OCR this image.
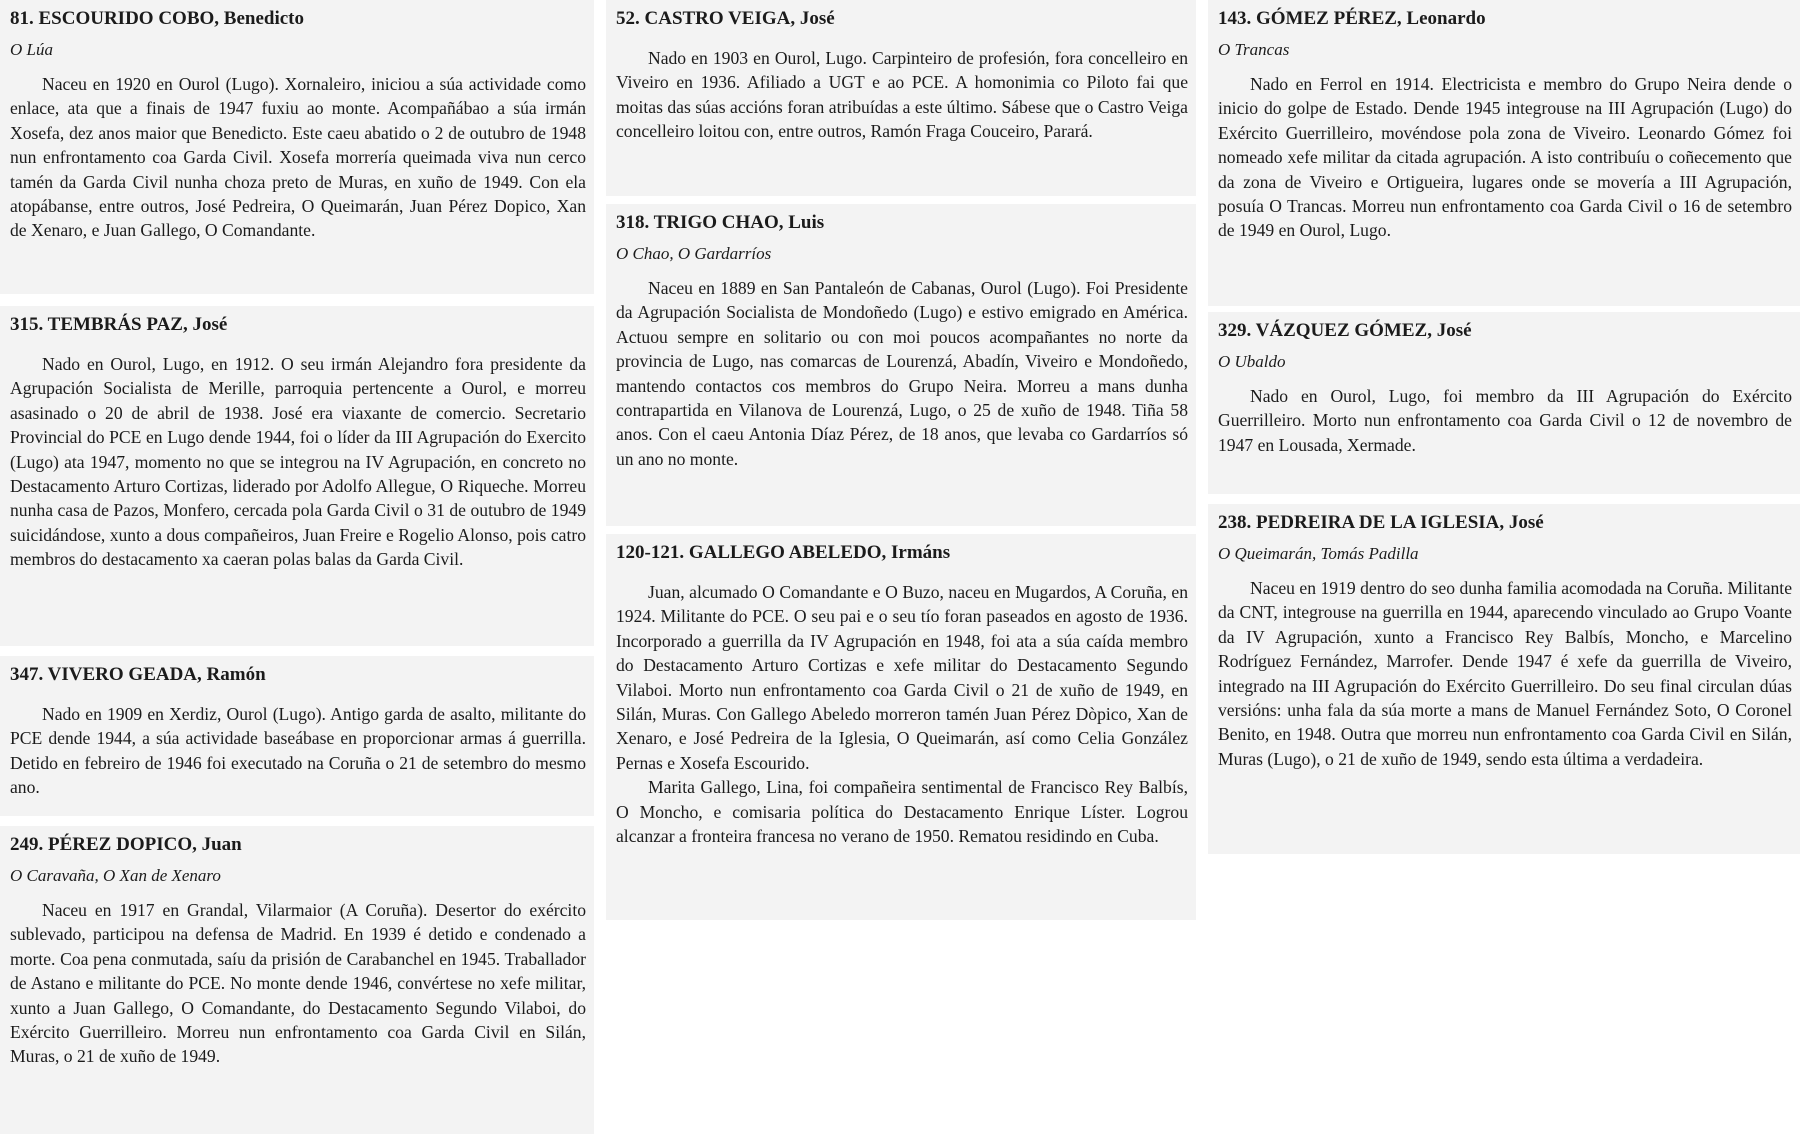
81. ESCOURIDO COBO, Benedicto
O Lúa

Naceu en 1920 en Ourol (Lugo). Xornaleiro, iniciou a súa actividade como enlace, ata que a finais de 1947 fuxiu ao monte. Acompañábao a súa irmán Xosefa, dez anos maior que Benedicto. Este caeu abatido o 2 de outubro de 1948 nun enfrontamento coa Garda Civil. Xosefa morrería queimada viva nun cerco tamén da Garda Civil nunha choza preto de Muras, en xuño de 1949. Con ela atopábanse, entre outros, José Pedreira, O Queimarán, Juan Pérez Dopico, Xan de Xenaro, e Juan Gallego, O Comandante.

315. TEMBRÁS PAZ, José

Nado en Ourol, Lugo, en 1912. O seu irmán Alejandro fora presidente da Agrupación Socialista de Merille, parroquia pertencente a Ourol, e morreu asasinado o 20 de abril de 1938. José era viaxante de comercio. Secretario Provincial do PCE en Lugo dende 1944, foi o líder da III Agrupación do Exercito (Lugo) ata 1947, momento no que se integrou na IV Agrupación, en concreto no Destacamento Arturo Cortizas, liderado por Adolfo Allegue, O Riqueche. Morreu nunha casa de Pazos, Monfero, cercada pola Garda Civil o 31 de outubro de 1949 suicidándose, xunto a dous compañeiros, Juan Freire e Rogelio Alonso, pois catro membros do destacamento xa caeran polas balas da Garda Civil.

347. VIVERO GEADA, Ramón

Nado en 1909 en Xerdiz, Ourol (Lugo). Antigo garda de asalto, militante do PCE dende 1944, a súa actividade baseábase en proporcionar armas á guerrilla. Detido en febreiro de 1946 foi executado na Coruña o 21 de setembro do mesmo ano.

249. PÉREZ DOPICO, Juan
O Caravaña, O Xan de Xenaro

Naceu en 1917 en Grandal, Vilarmaior (A Coruña). Desertor do exército sublevado, participou na defensa de Madrid. En 1939 é detido e condenado a morte. Coa pena conmutada, saíu da prisión de Carabanchel en 1945. Traballador de Astano e militante do PCE. No monte dende 1946, convértese no xefe militar, xunto a Juan Gallego, O Comandante, do Destacamento Segundo Vilaboi, do Exército Guerrilleiro. Morreu nun enfrontamento coa Garda Civil en Silán, Muras, o 21 de xuño de 1949.

52. CASTRO VEIGA, José

Nado en 1903 en Ourol, Lugo. Carpinteiro de profesión, fora concelleiro en Viveiro en 1936. Afiliado a UGT e ao PCE. A homonimia co Piloto fai que moitas das súas accións foran atribuídas a este último. Sábese que o Castro Veiga concelleiro loitou con, entre outros, Ramón Fraga Couceiro, Parará.

318. TRIGO CHAO, Luis
O Chao, O Gardarríos

Naceu en 1889 en San Pantaleón de Cabanas, Ourol (Lugo). Foi Presidente da Agrupación Socialista de Mondoñedo (Lugo) e estivo emigrado en América. Actuou sempre en solitario ou con moi poucos acompañantes no norte da provincia de Lugo, nas comarcas de Lourenzá, Abadín, Viveiro e Mondoñedo, mantendo contactos cos membros do Grupo Neira. Morreu a mans dunha contrapartida en Vilanova de Lourenzá, Lugo, o 25 de xuño de 1948. Tiña 58 anos. Con el caeu Antonia Díaz Pérez, de 18 anos, que levaba co Gardarríos só un ano no monte.

120-121. GALLEGO ABELEDO, Irmáns

Juan, alcumado O Comandante e O Buzo, naceu en Mugardos, A Coruña, en 1924. Militante do PCE. O seu pai e o seu tío foran paseados en agosto de 1936. Incorporado a guerrilla da IV Agrupación en 1948, foi ata a súa caída membro do Destacamento Arturo Cortizas e xefe militar do Destacamento Segundo Vilaboi. Morto nun enfrontamento coa Garda Civil o 21 de xuño de 1949, en Silán, Muras. Con Gallego Abeledo morreron tamén Juan Pérez Dòpico, Xan de Xenaro, e José Pedreira de la Iglesia, O Queimarán, así como Celia González Pernas e Xosefa Escourido.

Marita Gallego, Lina, foi compañeira sentimental de Francisco Rey Balbís, O Moncho, e comisaria política do Destacamento Enrique Líster. Logrou alcanzar a fronteira francesa no verano de 1950. Rematou residindo en Cuba.

143. GÓMEZ PÉREZ, Leonardo
O Trancas

Nado en Ferrol en 1914. Electricista e membro do Grupo Neira dende o inicio do golpe de Estado. Dende 1945 integrouse na III Agrupación (Lugo) do Exército Guerrilleiro, movéndose pola zona de Viveiro. Leonardo Gómez foi nomeado xefe militar da citada agrupación. A isto contribuíu o coñecemento que da zona de Viveiro e Ortigueira, lugares onde se movería a III Agrupación, posuía O Trancas. Morreu nun enfrontamento coa Garda Civil o 16 de setembro de 1949 en Ourol, Lugo.

329. VÁZQUEZ GÓMEZ, José
O Ubaldo

Nado en Ourol, Lugo, foi membro da III Agrupación do Exército Guerrilleiro. Morto nun enfrontamento coa Garda Civil o 12 de novembro de 1947 en Lousada, Xermade.

238. PEDREIRA DE LA IGLESIA, José
O Queimarán, Tomás Padilla

Naceu en 1919 dentro do seo dunha familia acomodada na Coruña. Militante da CNT, integrouse na guerrilla en 1944, aparecendo vinculado ao Grupo Voante da IV Agrupación, xunto a Francisco Rey Balbís, Moncho, e Marcelino Rodríguez Fernández, Marrofer. Dende 1947 é xefe da guerrilla de Viveiro, integrado na III Agrupación do Exército Guerrilleiro. Do seu final circulan dúas versións: unha fala da súa morte a mans de Manuel Fernández Soto, O Coronel Benito, en 1948. Outra que morreu nun enfrontamento coa Garda Civil en Silán, Muras (Lugo), o 21 de xuño de 1949, sendo esta última a verdadeira.
